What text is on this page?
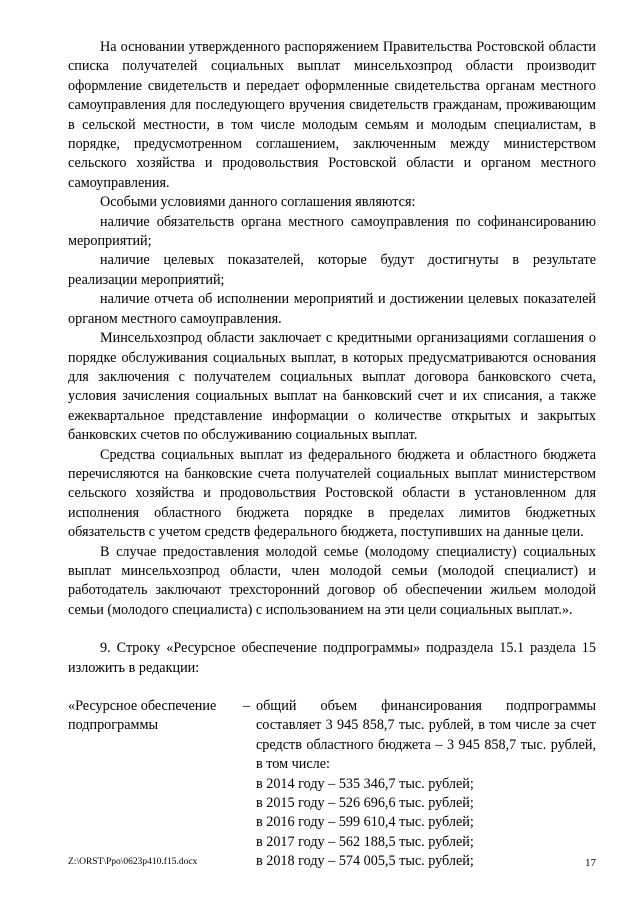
На основании утвержденного распоряжением Правительства Ростовской области списка получателей социальных выплат минсельхозпрод области производит оформление свидетельств и передает оформленные свидетельства органам местного самоуправления для последующего вручения свидетельств гражданам, проживающим в сельской местности, в том числе молодым семьям и молодым специалистам, в порядке, предусмотренном соглашением, заключенным между министерством сельского хозяйства и продовольствия Ростовской области и органом местного самоуправления.

Особыми условиями данного соглашения являются:

наличие обязательств органа местного самоуправления по софинансированию мероприятий;

наличие целевых показателей, которые будут достигнуты в результате реализации мероприятий;

наличие отчета об исполнении мероприятий и достижении целевых показателей органом местного самоуправления.

Минсельхозпрод области заключает с кредитными организациями соглашения о порядке обслуживания социальных выплат, в которых предусматриваются основания для заключения с получателем социальных выплат договора банковского счета, условия зачисления социальных выплат на банковский счет и их списания, а также ежеквартальное представление информации о количестве открытых и закрытых банковских счетов по обслуживанию социальных выплат.

Средства социальных выплат из федерального бюджета и областного бюджета перечисляются на банковские счета получателей социальных выплат министерством сельского хозяйства и продовольствия Ростовской области в установленном для исполнения областного бюджета порядке в пределах лимитов бюджетных обязательств с учетом средств федерального бюджета, поступивших на данные цели.

В случае предоставления молодой семье (молодому специалисту) социальных выплат минсельхозпрод области, член молодой семьи (молодой специалист) и работодатель заключают трехсторонний договор об обеспечении жильем молодой семьи (молодого специалиста) с использованием на эти цели социальных выплат.».

9. Строку «Ресурсное обеспечение подпрограммы» подраздела 15.1 раздела 15 изложить в редакции:

«Ресурсное обеспечение –
подпрограммы
общий объем финансирования подпрограммы составляет 3 945 858,7 тыс. рублей, в том числе за счет средств областного бюджета – 3 945 858,7 тыс. рублей, в том числе:
в 2014 году – 535 346,7 тыс. рублей;
в 2015 году – 526 696,6 тыс. рублей;
в 2016 году – 599 610,4 тыс. рублей;
в 2017 году – 562 188,5 тыс. рублей;
в 2018 году – 574 005,5 тыс. рублей;
Z:\ORST\Ppo\0623p410.f15.docx	17
